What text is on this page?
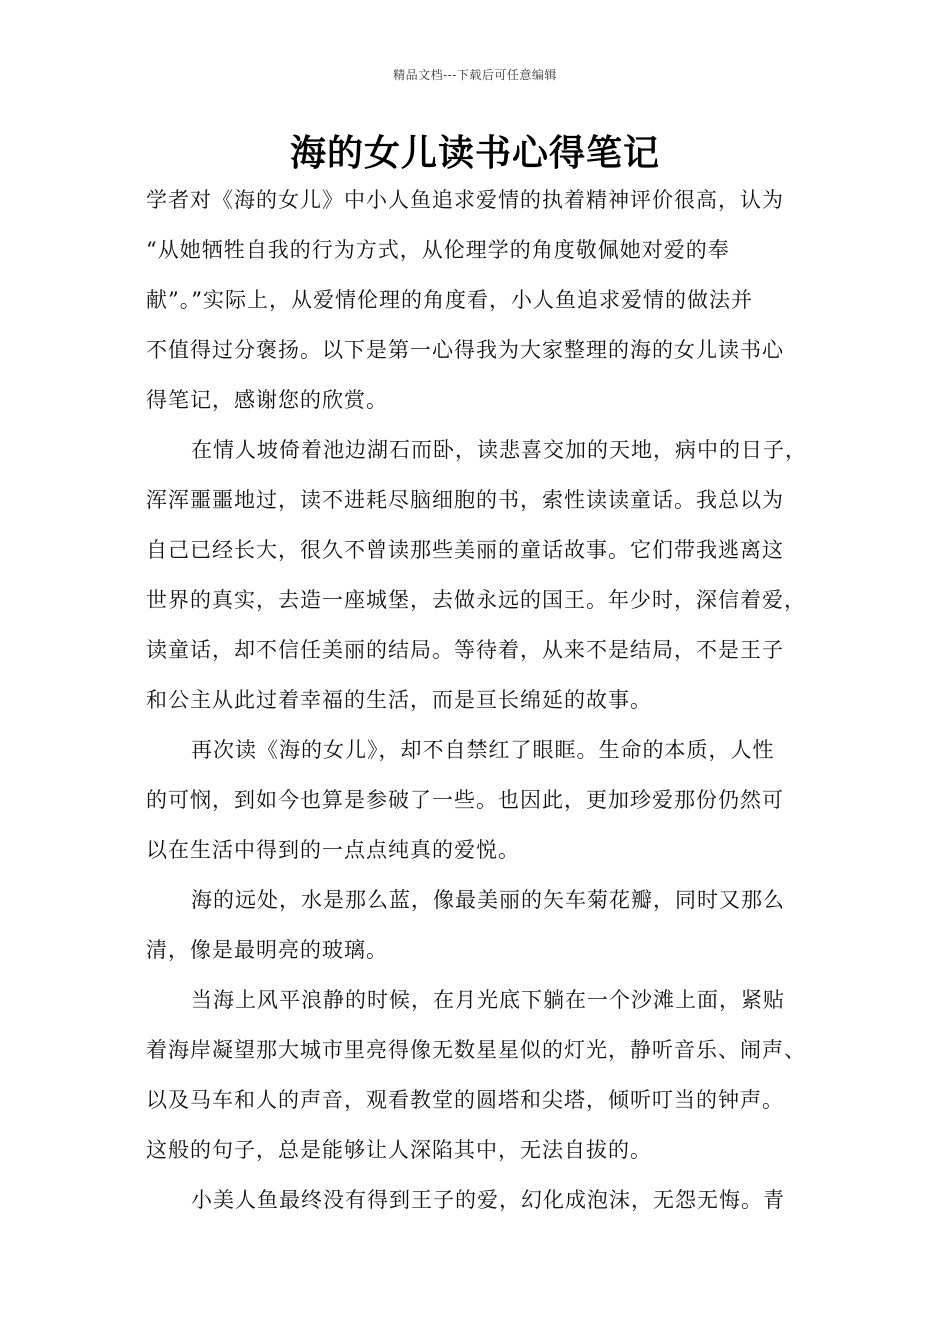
精品文档---下载后可任意编辑
海的女儿读书心得笔记
学者对《海的女儿》中小人鱼追求爱情的执着精神评价很高，认为
“从她牺牲自我的行为方式，从伦理学的角度敬佩她对爱的奉
献”。”实际上，从爱情伦理的角度看，小人鱼追求爱情的做法并
不值得过分褒扬。以下是第一心得我为大家整理的海的女儿读书心
得笔记，感谢您的欣赏。
在情人坡倚着池边湖石而卧，读悲喜交加的天地，病中的日子，
浑浑噩噩地过，读不进耗尽脑细胞的书，索性读读童话。我总以为
自己已经长大，很久不曾读那些美丽的童话故事。它们带我逃离这
世界的真实，去造一座城堡，去做永远的国王。年少时，深信着爱，
读童话，却不信任美丽的结局。等待着，从来不是结局，不是王子
和公主从此过着幸福的生活，而是亘长绵延的故事。
再次读《海的女儿》，却不自禁红了眼眶。生命的本质，人性
的可悯，到如今也算是参破了一些。也因此，更加珍爱那份仍然可
以在生活中得到的一点点纯真的爱悦。
海的远处，水是那么蓝，像最美丽的矢车菊花瓣，同时又那么
清，像是最明亮的玻璃。
当海上风平浪静的时候，在月光底下躺在一个沙滩上面，紧贴
着海岸凝望那大城市里亮得像无数星星似的灯光，静听音乐、闹声、
以及马车和人的声音，观看教堂的圆塔和尖塔，倾听叮当的钟声。
这般的句子，总是能够让人深陷其中，无法自拔的。
小美人鱼最终没有得到王子的爱，幻化成泡沫，无怨无悔。青
